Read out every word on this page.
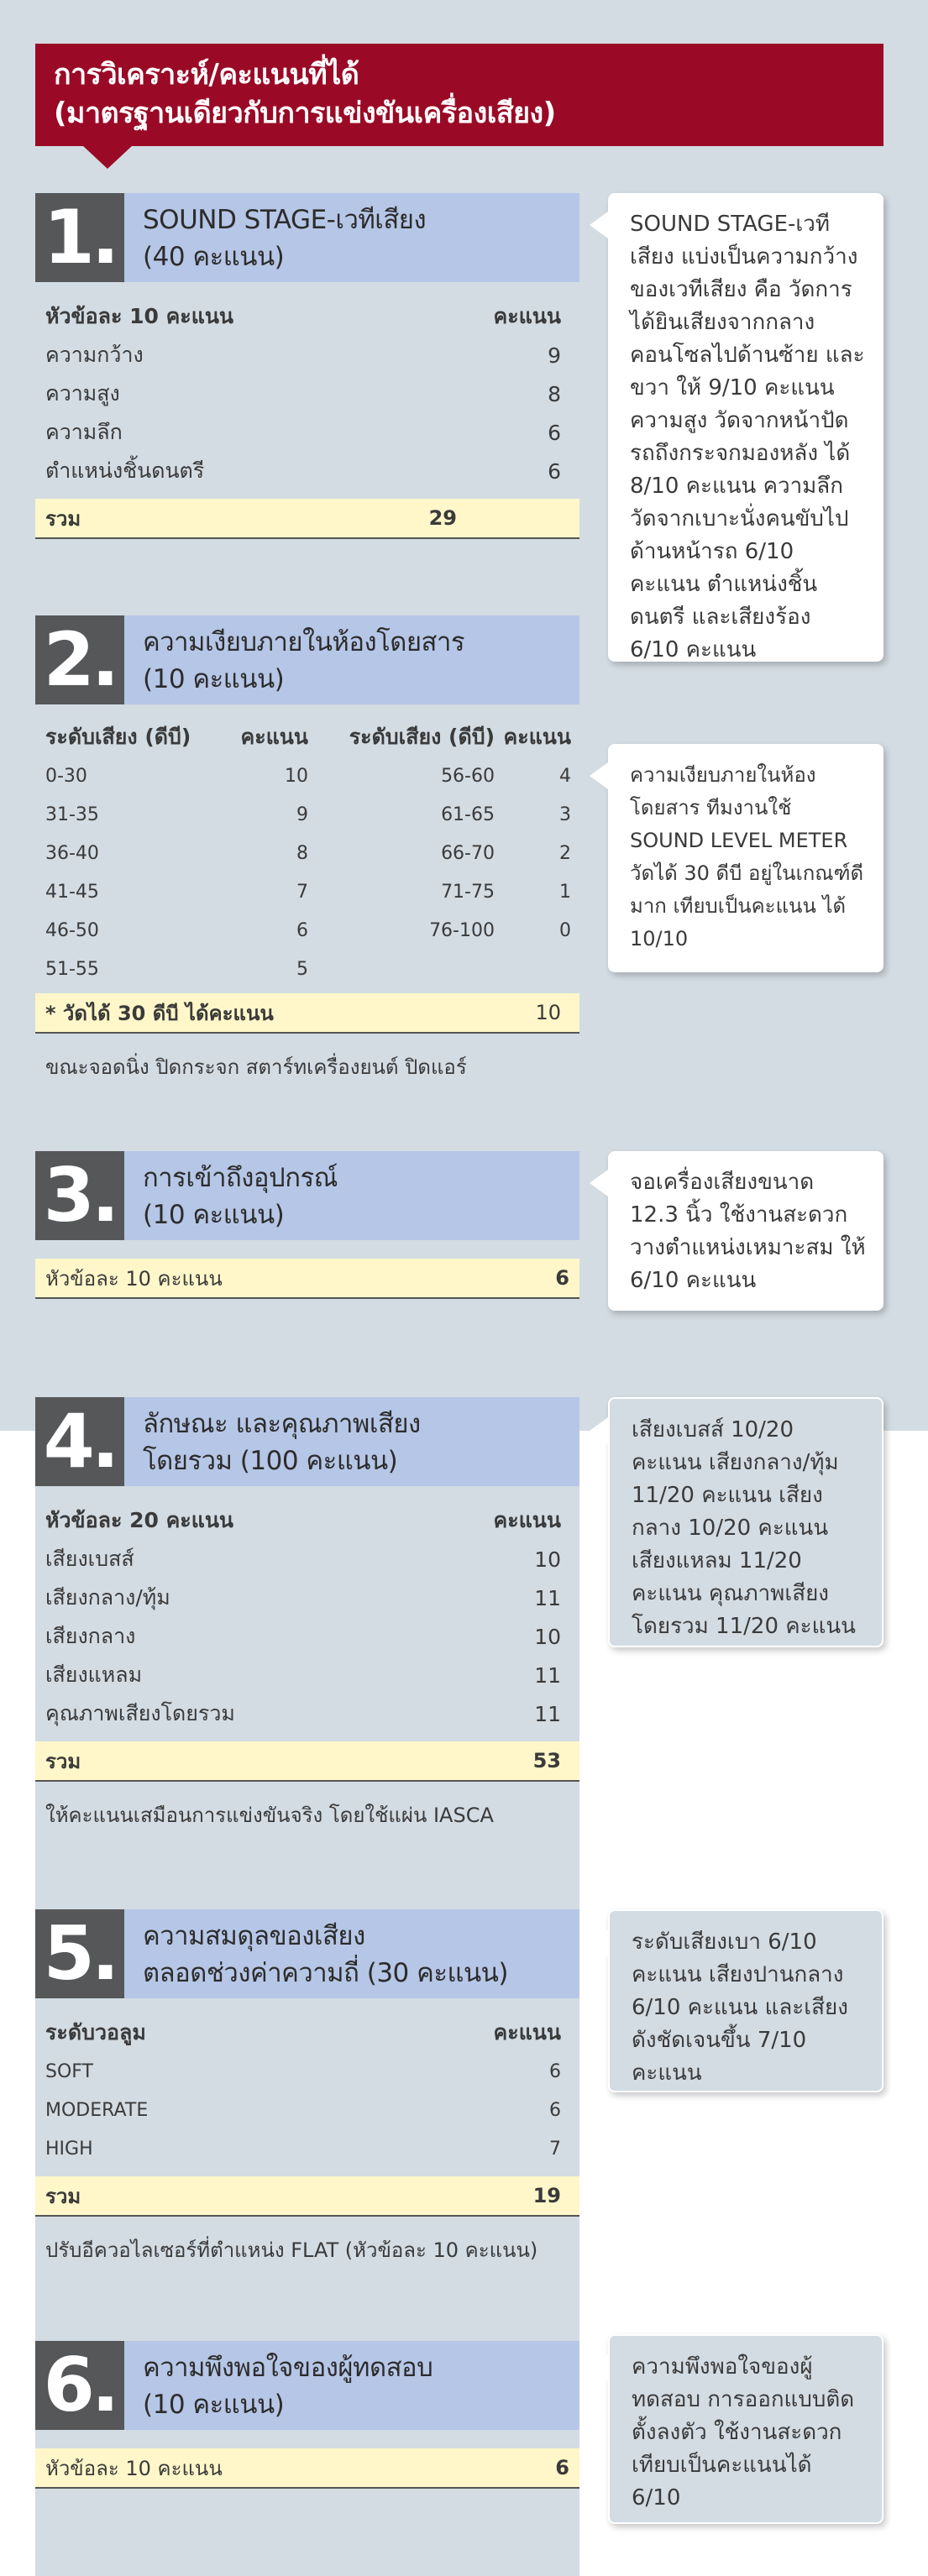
การวิเคราะห์/คะแนนที่ได้
(มาตรฐานเดียวกับการแข่งขันเครื่องเสียง)
1.	SOUND STAGE-เวทีเสียง
(40 คะแนน)
หัวข้อละ 10 คะแนน	คะแนน
ความกว้าง	9
ความสูง	8
ความลึก	6
ตำแหน่งชิ้นดนตรี	6
รวม	29
SOUND STAGE-เวทีเสียง แบ่งเป็นความกว้างของเวทีเสียง คือ วัดการได้ยินเสียงจากกลางคอนโซลไปด้านซ้าย และขวา ให้ 9/10 คะแนน ความสูง วัดจากหน้าปัดรถถึงกระจกมองหลัง ได้ 8/10 คะแนน ความลึก วัดจากเบาะนั่งคนขับไปด้านหน้ารถ 6/10 คะแนน ตำแหน่งชิ้นดนตรี และเสียงร้อง 6/10 คะแนน
2.	ความเงียบภายในห้องโดยสาร
(10 คะแนน)
ระดับเสียง (ดีบี)	คะแนน	ระดับเสียง (ดีบี) คะแนน
0-30	10	56-60	4
31-35	9	61-65	3
36-40	8	66-70	2
41-45	7	71-75	1
46-50	6	76-100	0
51-55	5
* วัดได้ 30 ดีบี ได้คะแนน	10
ขณะจอดนิ่ง ปิดกระจก สตาร์ทเครื่องยนต์ ปิดแอร์
ความเงียบภายในห้องโดยสาร ทีมงานใช้ SOUND LEVEL METER วัดได้ 30 ดีบี อยู่ในเกณฑ์ดีมาก เทียบเป็นคะแนน ได้ 10/10
3.	การเข้าถึงอุปกรณ์
(10 คะแนน)
หัวข้อละ 10 คะแนน	6
จอเครื่องเสียงขนาด 12.3 นิ้ว ใช้งานสะดวก วางตำแหน่งเหมาะสม ให้ 6/10 คะแนน
4.	ลักษณะ และคุณภาพเสียง
โดยรวม (100 คะแนน)
หัวข้อละ 20 คะแนน	คะแนน
เสียงเบสส์	10
เสียงกลาง/ทุ้ม	11
เสียงกลาง	10
เสียงแหลม	11
คุณภาพเสียงโดยรวม	11
รวม	53
ให้คะแนนเสมือนการแข่งขันจริง โดยใช้แผ่น IASCA
เสียงเบสส์ 10/20 คะแนน เสียงกลาง/ทุ้ม 11/20 คะแนน เสียงกลาง 10/20 คะแนน เสียงแหลม 11/20 คะแนน คุณภาพเสียงโดยรวม 11/20 คะแนน
5.	ความสมดุลของเสียง
ตลอดช่วงค่าความถี่ (30 คะแนน)
ระดับวอลูม	คะแนน
SOFT	6
MODERATE	6
HIGH	7
รวม	19
ปรับอีควอไลเซอร์ที่ตำแหน่ง FLAT (หัวข้อละ 10 คะแนน)
ระดับเสียงเบา 6/10 คะแนน เสียงปานกลาง 6/10 คะแนน และเสียงดังชัดเจนขึ้น 7/10 คะแนน
6.	ความพึงพอใจของผู้ทดสอบ
(10 คะแนน)
หัวข้อละ 10 คะแนน	6
ความพึงพอใจของผู้ทดสอบ การออกแบบติดตั้งลงตัว ใช้งานสะดวก เทียบเป็นคะแนนได้ 6/10
